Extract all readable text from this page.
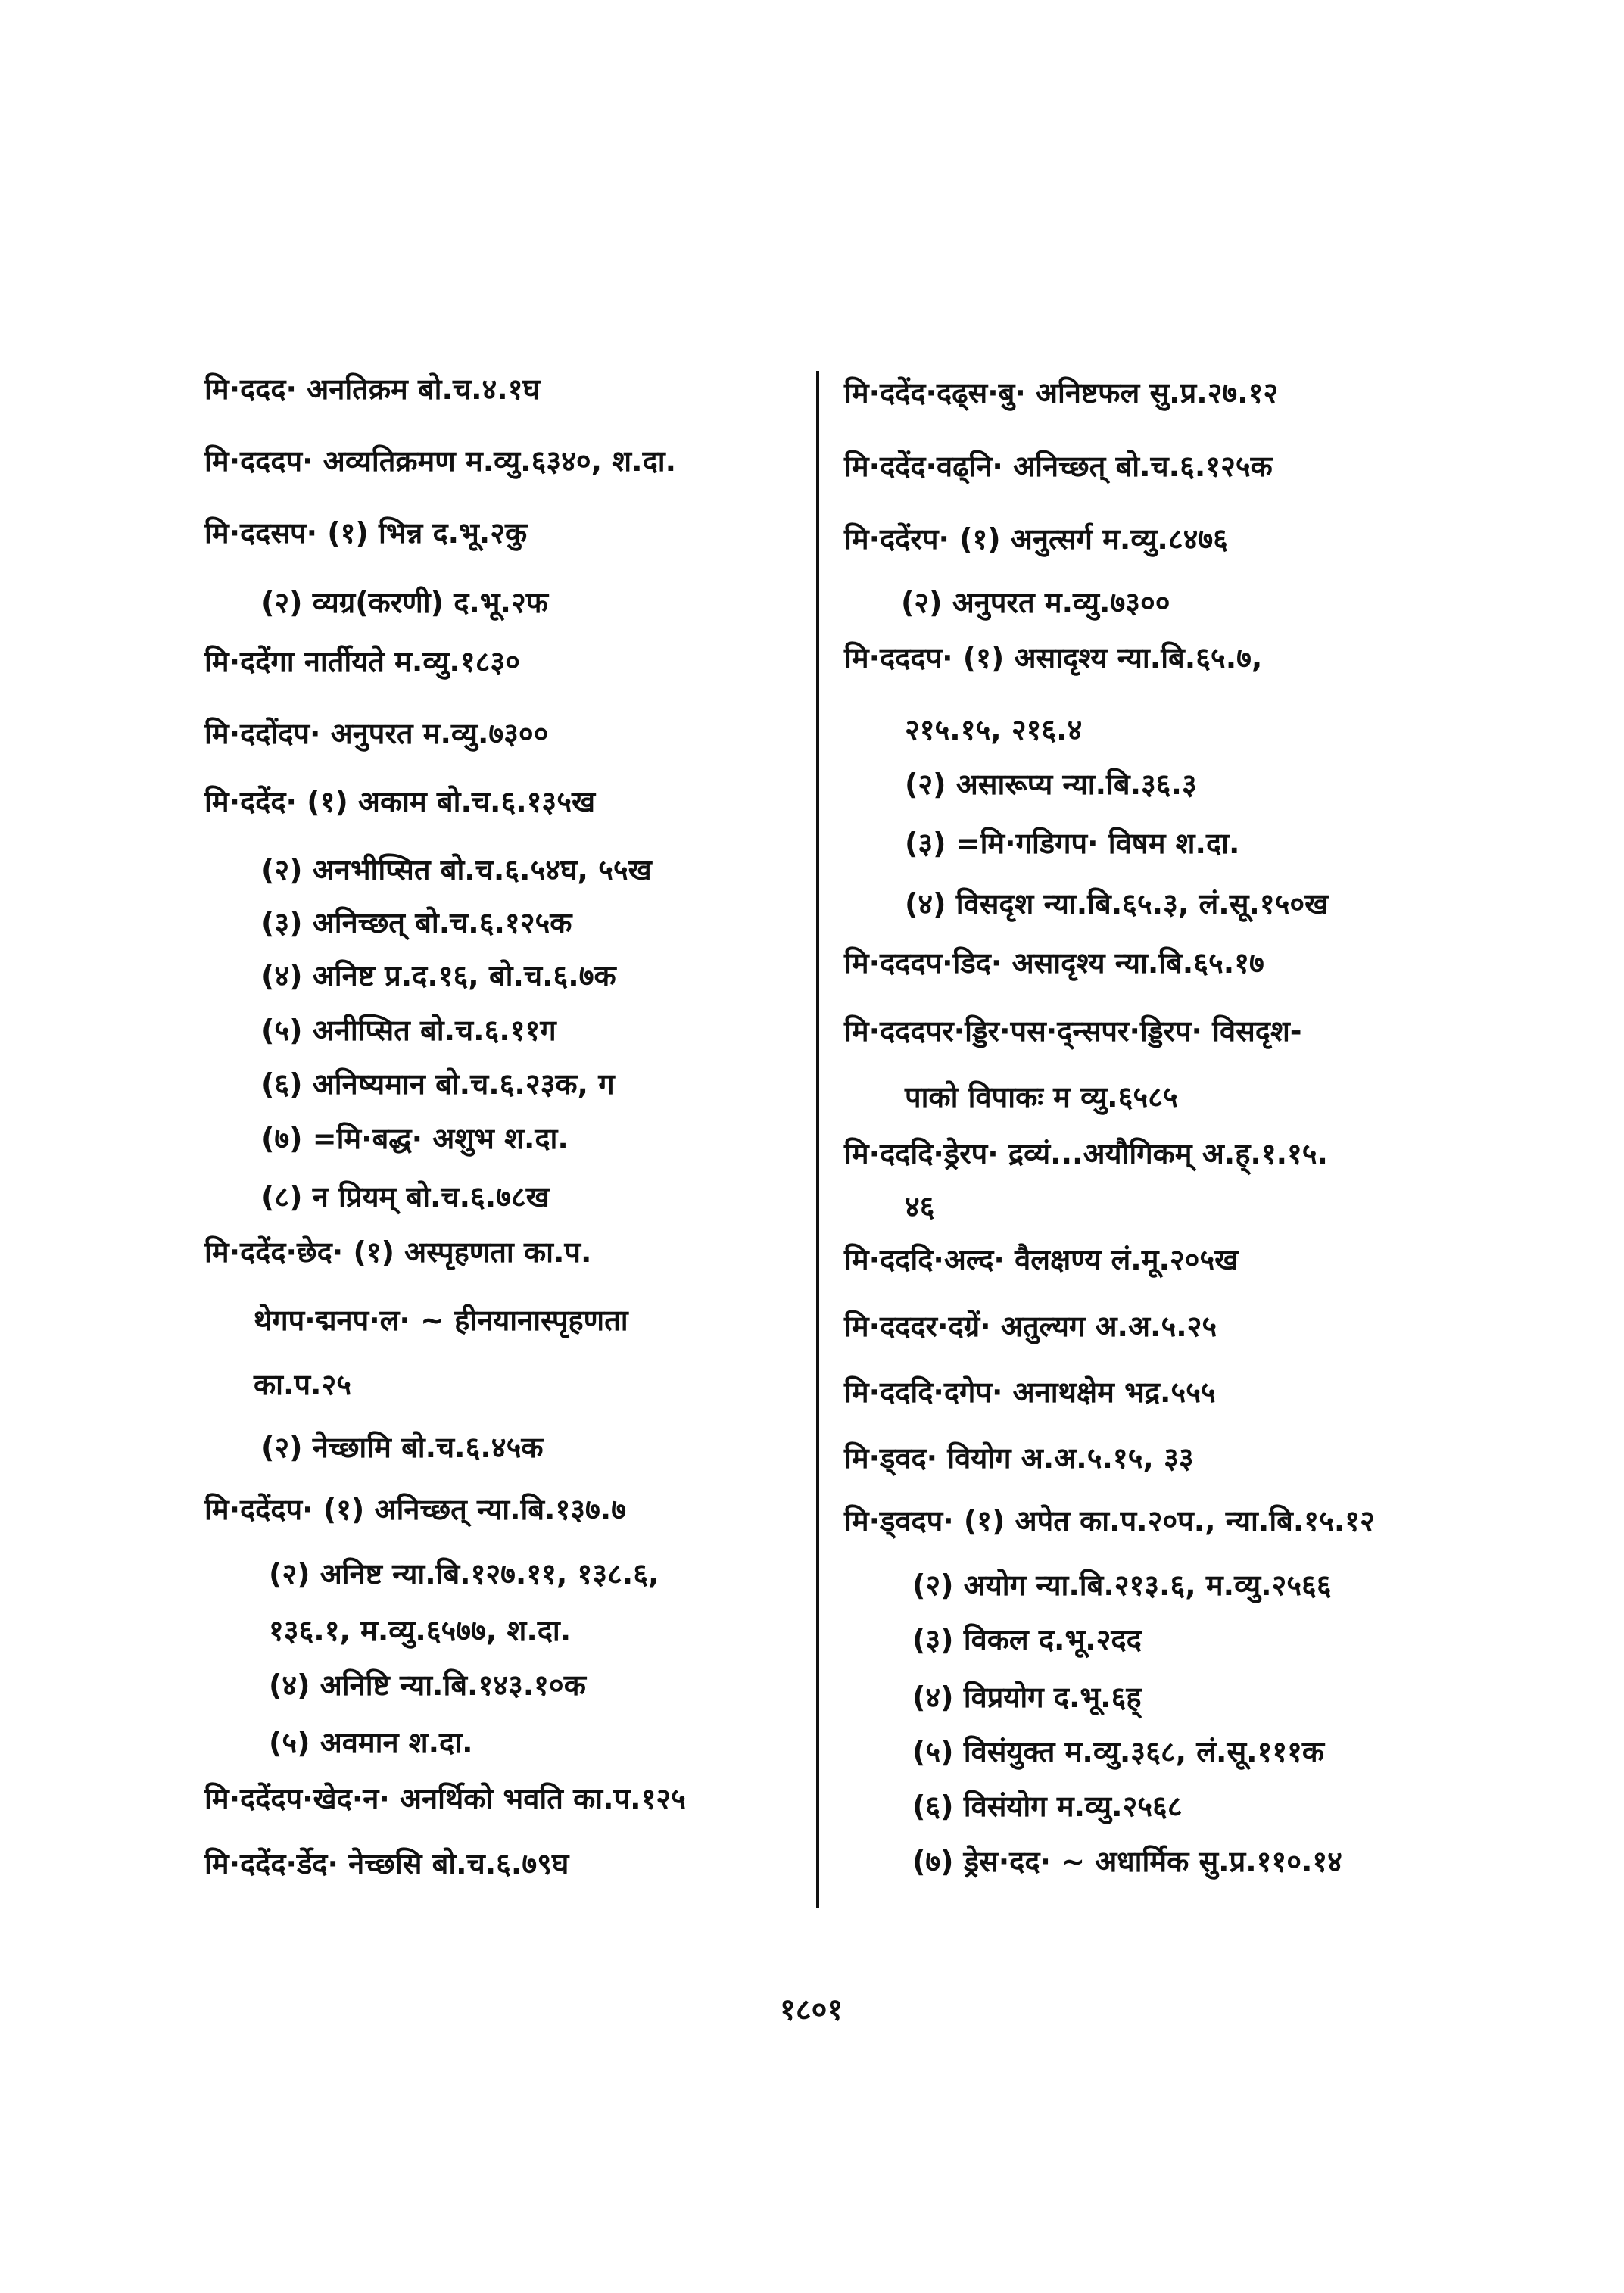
मि·ददद· अनतिक्रम बो.च.४.१घ
मि·दददप· अव्यतिक्रमण म.व्यु.६३४०, श.दा.
मि·ददसप· (१) भिन्न द.भू.२कु
(२) व्यग्र(करणी) द.भू.२फ
मि·ददेंगा नार्तीयते म.व्यु.१८३०
मि·ददोंदप· अनुपरत म.व्यु.७३००
मि·ददेंद· (१) अकाम बो.च.६.१३५ख
(२) अनभीप्सित बो.च.६.५४घ, ५५ख
(३) अनिच्छत् बो.च.६.१२५क
(४) अनिष्ट प्र.द.१६, बो.च.६.७क
(५) अनीप्सित बो.च.६.११ग
(६) अनिष्यमान बो.च.६.२३क, ग
(७) =मि·बद्ध· अशुभ श.दा.
(८) न प्रियम् बो.च.६.७८ख
मि·ददेंद·छेद· (१) अस्पृहणता का.प.
थेगप·द्मनप·ल· ~ हीनयानास्पृहणता
का.प.२५
(२) नेच्छामि बो.च.६.४५क
मि·ददेंदप· (१) अनिच्छत् न्या.बि.१३७.७
(२) अनिष्ट न्या.बि.१२७.११, १३८.६,
१३६.१, म.व्यु.६५७७, श.दा.
(४) अनिष्टि न्या.बि.१४३.१०क
(५) अवमान श.दा.
मि·ददेंदप·खेद·न· अनर्थिको भवति का.प.१२५
मि·ददेंद·र्डेद· नेच्छसि बो.च.६.७९घ
मि·ददेंद·दढ्स·बु· अनिष्टफल सु.प्र.२७.१२
मि·ददेंद·वढ्नि· अनिच्छत् बो.च.६.१२५क
मि·ददेंरप· (१) अनुत्सर्ग म.व्यु.८४७६
(२) अनुपरत म.व्यु.७३००
मि·दददप· (१) असादृश्य न्या.बि.६५.७,
२१५.१५, २१६.४
(२) असारूप्य न्या.बि.३६.३
(३) =मि·गडिगप· विषम श.दा.
(४) विसदृश न्या.बि.६५.३, लं.सू.१५०ख
मि·दददप·डिद· असादृश्य न्या.बि.६५.१७
मि·दददपर·ड्डिर·पस·द्न्सपर·ड्डिरप· विसदृश-
पाको विपाकः म व्यु.६५८५
मि·दददि·ड्रेरप· द्रव्यं...अयौगिकम् अ.ह्.१.१५.
४६
मि·दददि·अल्द· वैलक्षण्य लं.मू.२०५ख
मि·दददर·दग्रें· अतुल्यग अ.अ.५.२५
मि·दददि·दगेप· अनाथक्षेम भद्र.५५५
मि·ड्वद· वियोग अ.अ.५.१५, ३३
मि·ड्वदप· (१) अपेत का.प.२०प., न्या.बि.१५.१२
(२) अयोग न्या.बि.२१३.६, म.व्यु.२५६६
(३) विकल द.भू.२दद
(४) विप्रयोग द.भू.६ह्
(५) विसंयुक्त म.व्यु.३६८, लं.सू.१११क
(६) विसंयोग म.व्यु.२५६८
(७) ड्रेस·दद· ~ अधार्मिक सु.प्र.११०.१४
१८०१
